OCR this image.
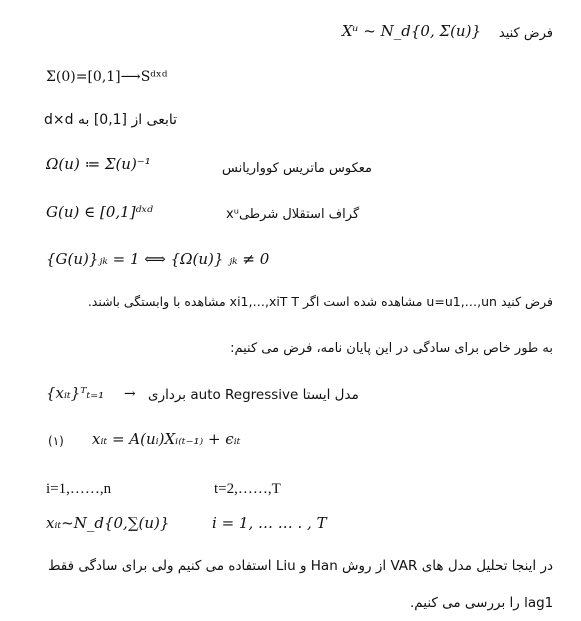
Xᵘ ~ N_d{0, Σ(u)} فرض کنید
Σ(0)=[0,1]⟶Sᵈˣᵈ
تابعی از [0,1] به d×d
Ω(u) ≔ Σ(u)⁻¹	معکوس ماتریس کوواریانس
G(u) ∈ [0,1]ᵈˣᵈ	گراف استقلال شرطیxᵘ
{G(u)}ⱼₖ = 1 ⟺ {Ω(u)} ⱼₖ ≠ 0
فرض کنید u=u1,…,un مشاهده شده است اگر xi1,…,xiT T مشاهده با وابستگی باشند.
به طور خاص برای سادگی در این پایان نامه، فرض می کنیم:
{xᵢₜ}ᵀₜ₌₁ → مدل ایستا auto Regressive برداری
(۱) xᵢₜ = A(uᵢ)Xᵢ₍ₜ₋₁₎ + ϵᵢₜ
i=1,……,n	t=2,……,T
xᵢₜ~N_d{0,∑(u)}	i = 1, … … . , T
در اینجا تحلیل مدل های VAR از روش Han و Liu استفاده می کنیم ولی برای سادگی فقط
lag1 را بررسی می کنیم.
